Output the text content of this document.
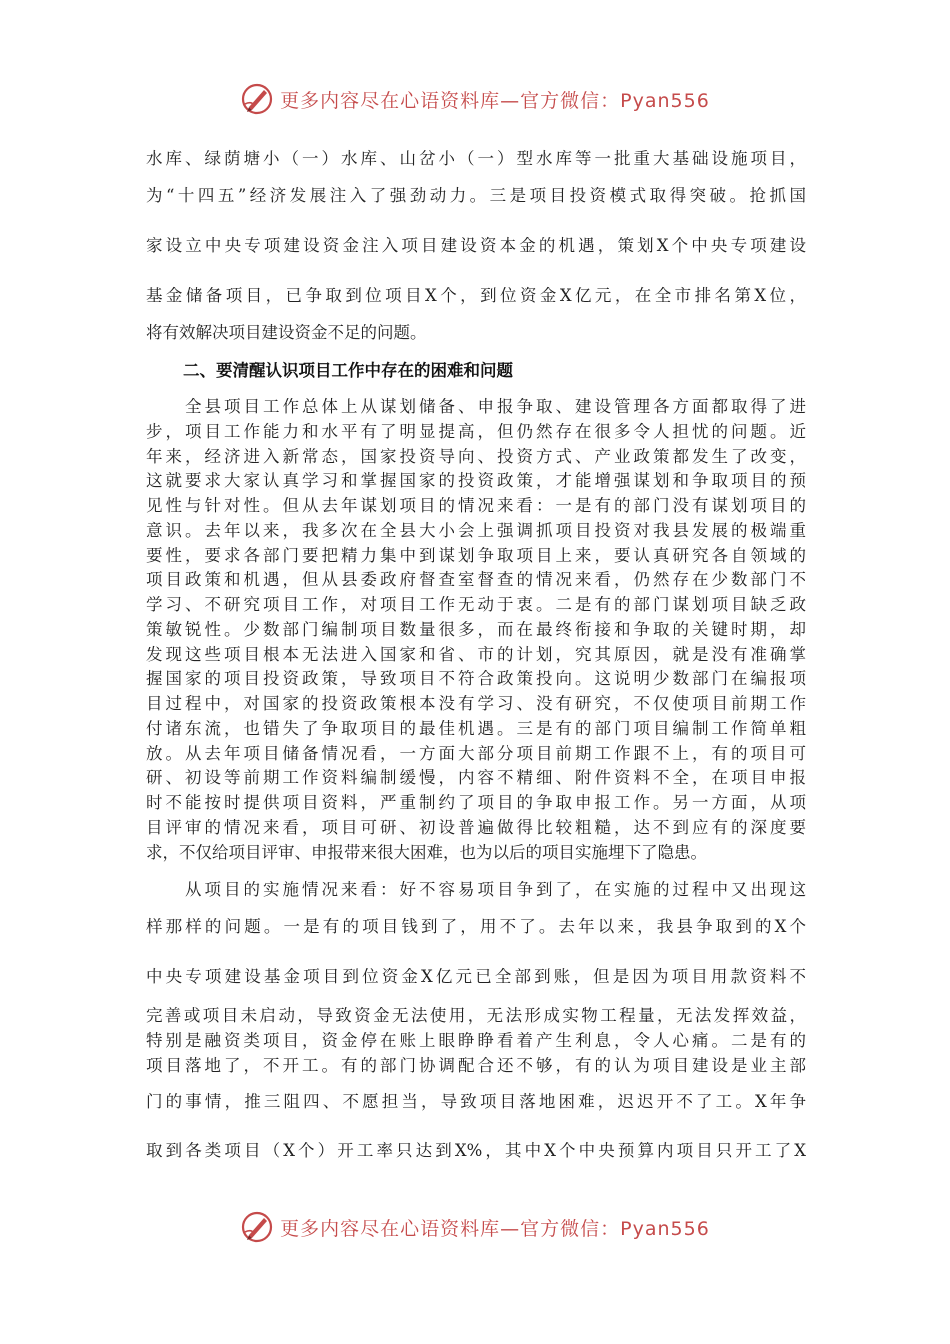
更多内容尽在心语资料库—官方微信：Pyan556
水库、绿荫塘小（一）水库、山岔小（一）型水库等一批重大基础设施项目，
为“十四五”经济发展注入了强劲动力。三是项目投资模式取得突破。抢抓国
家设立中央专项建设资金注入项目建设资本金的机遇，策划X个中央专项建设
基金储备项目，已争取到位项目X个，到位资金X亿元，在全市排名第X位，
将有效解决项目建设资金不足的问题。
二、要清醒认识项目工作中存在的困难和问题
　　全县项目工作总体上从谋划储备、申报争取、建设管理各方面都取得了进
步，项目工作能力和水平有了明显提高，但仍然存在很多令人担忧的问题。近
年来，经济进入新常态，国家投资导向、投资方式、产业政策都发生了改变，
这就要求大家认真学习和掌握国家的投资政策，才能增强谋划和争取项目的预
见性与针对性。但从去年谋划项目的情况来看：一是有的部门没有谋划项目的
意识。去年以来，我多次在全县大小会上强调抓项目投资对我县发展的极端重
要性，要求各部门要把精力集中到谋划争取项目上来，要认真研究各自领域的
项目政策和机遇，但从县委政府督查室督查的情况来看，仍然存在少数部门不
学习、不研究项目工作，对项目工作无动于衷。二是有的部门谋划项目缺乏政
策敏锐性。少数部门编制项目数量很多，而在最终衔接和争取的关键时期，却
发现这些项目根本无法进入国家和省、市的计划，究其原因，就是没有准确掌
握国家的项目投资政策，导致项目不符合政策投向。这说明少数部门在编报项
目过程中，对国家的投资政策根本没有学习、没有研究，不仅使项目前期工作
付诸东流，也错失了争取项目的最佳机遇。三是有的部门项目编制工作简单粗
放。从去年项目储备情况看，一方面大部分项目前期工作跟不上，有的项目可
研、初设等前期工作资料编制缓慢，内容不精细、附件资料不全，在项目申报
时不能按时提供项目资料，严重制约了项目的争取申报工作。另一方面，从项
目评审的情况来看，项目可研、初设普遍做得比较粗糙，达不到应有的深度要
求，不仅给项目评审、申报带来很大困难，也为以后的项目实施埋下了隐患。
　　从项目的实施情况来看：好不容易项目争到了，在实施的过程中又出现这
样那样的问题。一是有的项目钱到了，用不了。去年以来，我县争取到的X个
中央专项建设基金项目到位资金X亿元已全部到账，但是因为项目用款资料不
完善或项目未启动，导致资金无法使用，无法形成实物工程量，无法发挥效益，
特别是融资类项目，资金停在账上眼睁睁看着产生利息，令人心痛。二是有的
项目落地了，不开工。有的部门协调配合还不够，有的认为项目建设是业主部
门的事情，推三阻四、不愿担当，导致项目落地困难，迟迟开不了工。X年争
取到各类项目（X个）开工率只达到X%，其中X个中央预算内项目只开工了X
更多内容尽在心语资料库—官方微信：Pyan556
